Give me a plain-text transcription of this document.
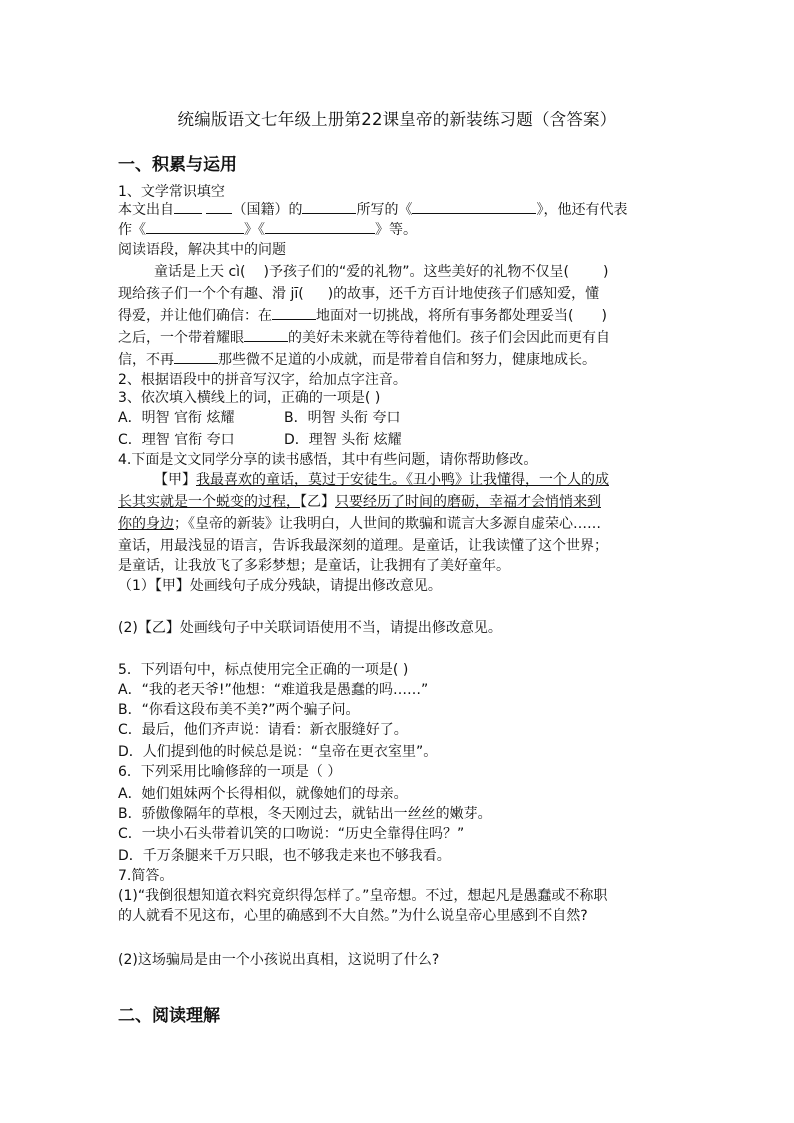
统编版语文七年级上册第22课皇帝的新装练习题（含答案）
一、积累与运用
1、文学常识填空
本文出自	（国籍）的	所写的《	》，他还有代表
作《	》《	》等。
阅读语段，解决其中的问题
童话是上天 cì( )予孩子们的“爱的礼物”。这些美好的礼物不仅呈( )
现给孩子们一个个有趣、滑 jī( )的故事，还千方百计地使孩子们感知爱，懂
得爱，并让他们确信：在	地面对一切挑战，将所有事务都处理妥当( )
之后，一个带着耀眼	的美好未来就在等待着他们。孩子们会因此而更有自
信，不再	那些微不足道的小成就，而是带着自信和努力，健康地成长。
2、根据语段中的拼音写汉字，给加点字注音。
3、依次填入横线上的词，正确的一项是( )
A．明智 官衔 炫耀	B．明智 头衔 夸口
C．理智 官衔 夸口	D．理智 头衔 炫耀
4.下面是文文同学分享的读书感悟，其中有些问题，请你帮助修改。
【甲】我最喜欢的童话，莫过于安徒生。《丑小鸭》让我懂得，一个人的成
长其实就是一个蜕变的过程，【乙】只要经历了时间的磨砺，幸福才会悄悄来到
你的身边；《皇帝的新装》让我明白，人世间的欺骗和谎言大多源自虚荣心……
童话，用最浅显的语言，告诉我最深刻的道理。是童话，让我读懂了这个世界；
是童话，让我放飞了多彩梦想；是童话，让我拥有了美好童年。
（1）【甲】处画线句子成分残缺，请提出修改意见。
(2)【乙】处画线句子中关联词语使用不当，请提出修改意见。
5．下列语句中，标点使用完全正确的一项是( )
A．“我的老天爷!”他想：“难道我是愚蠢的吗……”
B．“你看这段布美不美?”两个骗子问。
C．最后，他们齐声说：请看：新衣服缝好了。
D．人们提到他的时候总是说：“皇帝在更衣室里”。
6．下列采用比喻修辞的一项是（ ）
A．她们姐妹两个长得相似，就像她们的母亲。
B．骄傲像隔年的草根，冬天刚过去，就钻出一丝丝的嫩芽。
C．一块小石头带着讥笑的口吻说：“历史全靠得住吗？”
D．千万条腿来千万只眼，也不够我走来也不够我看。
7.简答。
(1)“我倒很想知道衣料究竟织得怎样了。”皇帝想。不过，想起凡是愚蠢或不称职
的人就看不见这布，心里的确感到不大自然。”为什么说皇帝心里感到不自然?
(2)这场骗局是由一个小孩说出真相，这说明了什么?
二、阅读理解
